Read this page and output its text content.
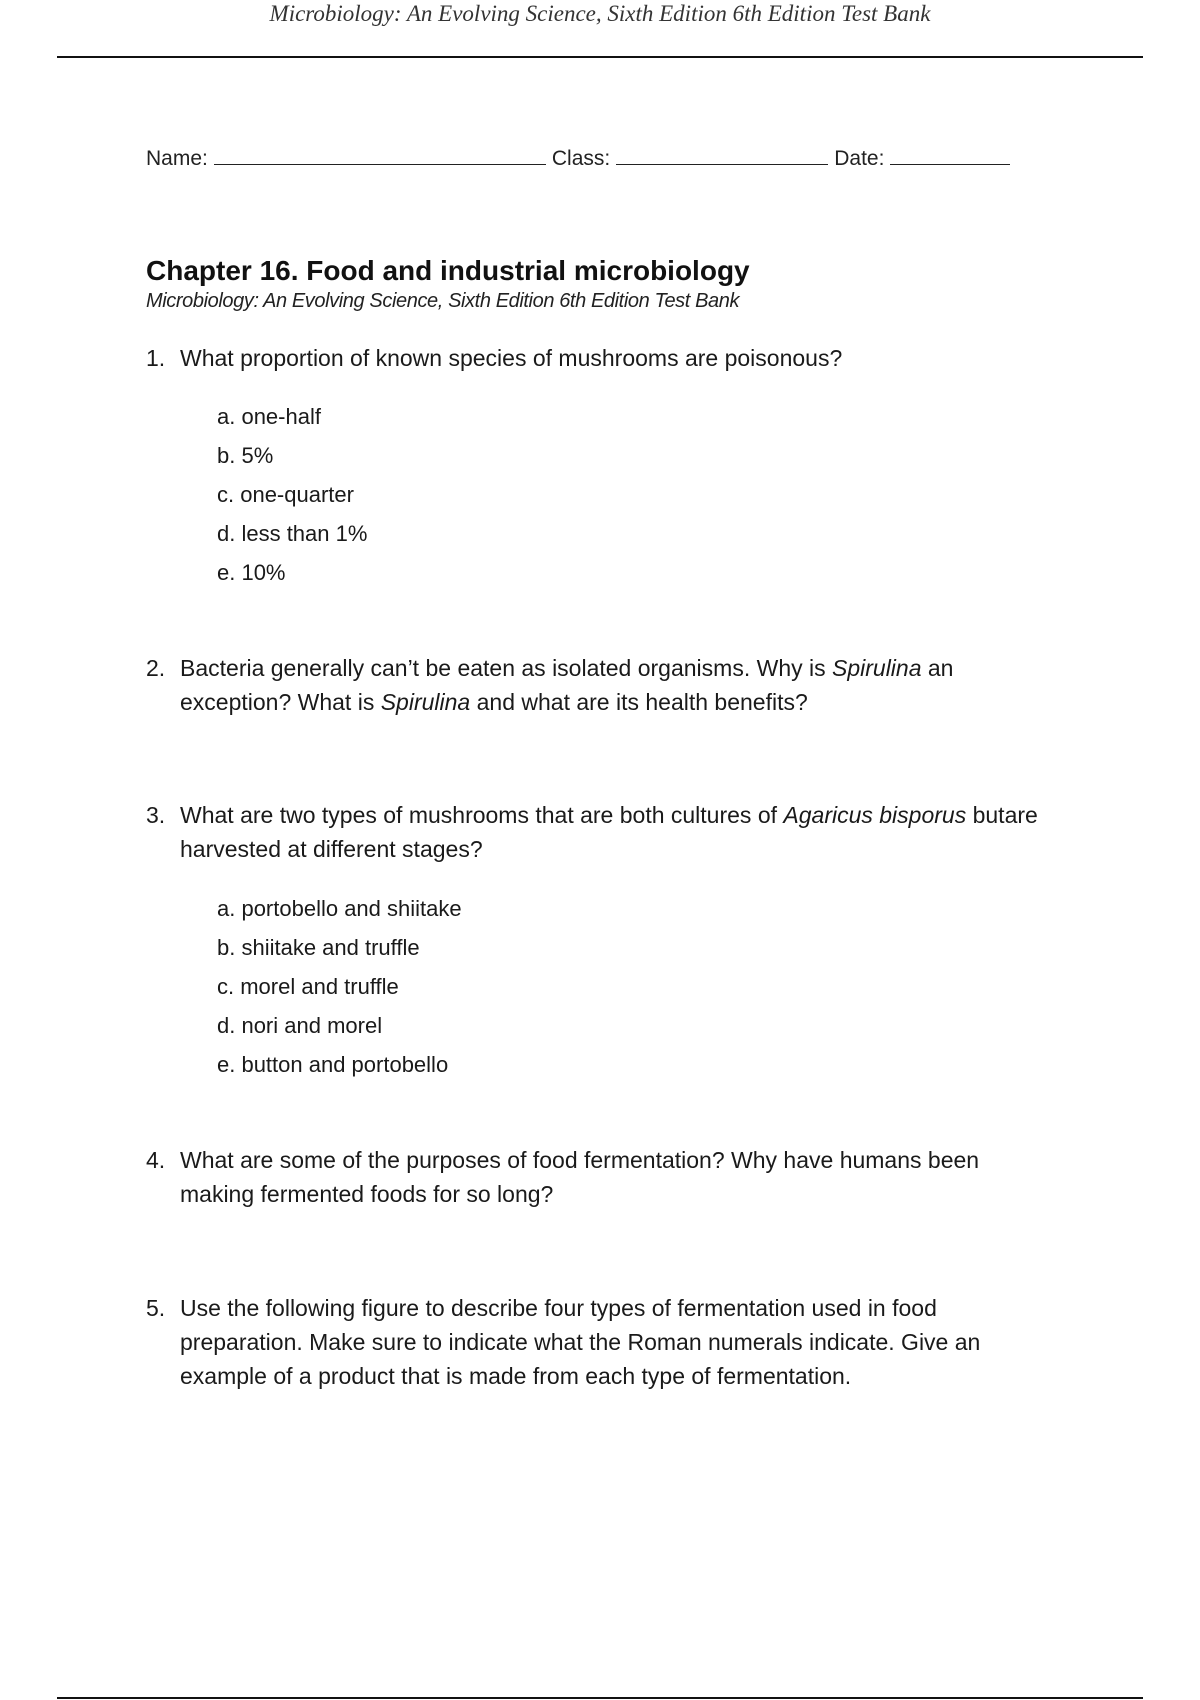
Microbiology: An Evolving Science, Sixth Edition 6th Edition Test Bank
Name:	Class:	Date:
Chapter 16. Food and industrial microbiology
Microbiology: An Evolving Science, Sixth Edition 6th Edition Test Bank
1. What proportion of known species of mushrooms are poisonous?
a. one-half
b. 5%
c. one-quarter
d. less than 1%
e. 10%
2. Bacteria generally can’t be eaten as isolated organisms. Why is Spirulina an exception? What is Spirulina and what are its health benefits?
3. What are two types of mushrooms that are both cultures of Agaricus bisporus butare harvested at different stages?
a. portobello and shiitake
b. shiitake and truffle
c. morel and truffle
d. nori and morel
e. button and portobello
4. What are some of the purposes of food fermentation? Why have humans been making fermented foods for so long?
5. Use the following figure to describe four types of fermentation used in food preparation. Make sure to indicate what the Roman numerals indicate. Give an example of a product that is made from each type of fermentation.
